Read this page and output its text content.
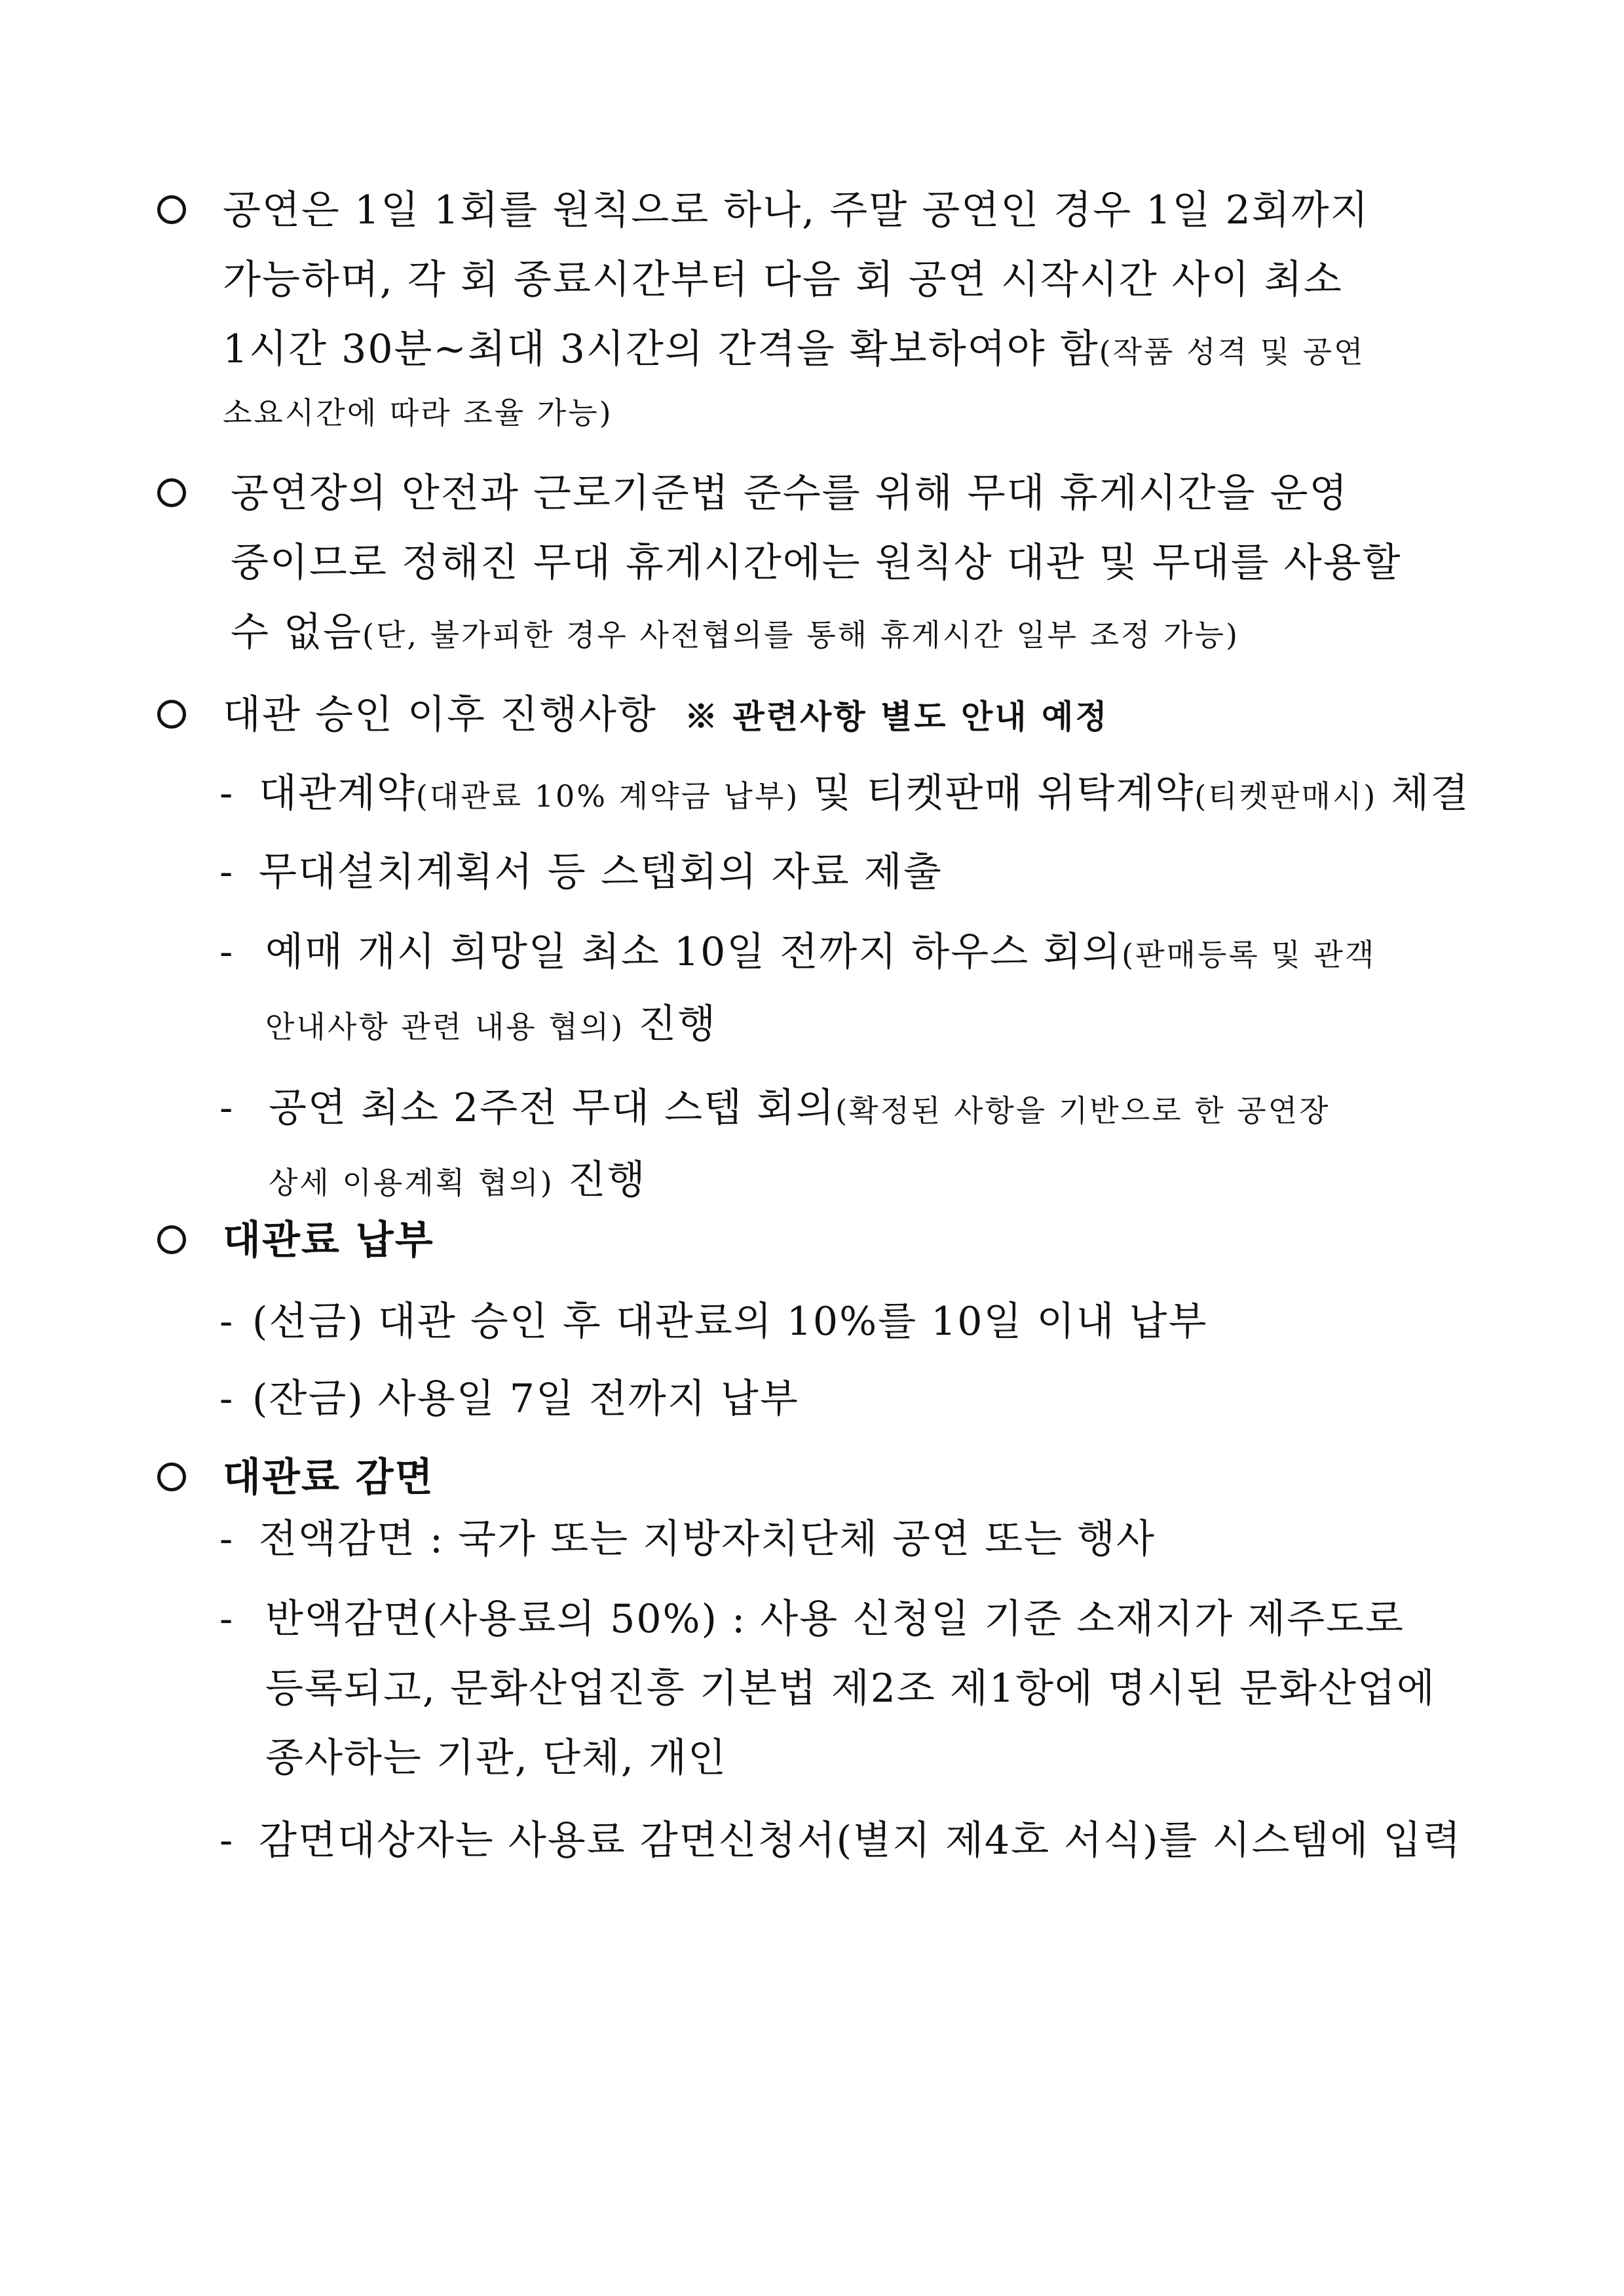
공연은 1일 1회를 원칙으로 하나, 주말 공연인 경우 1일 2회까지
가능하며, 각 회 종료시간부터 다음 회 공연 시작시간 사이 최소
1시간 30분~최대 3시간의 간격을 확보하여야 함(작품 성격 및 공연
소요시간에 따라 조율 가능)
공연장의 안전과 근로기준법 준수를 위해 무대 휴게시간을 운영
중이므로 정해진 무대 휴게시간에는 원칙상 대관 및 무대를 사용할
수 없음(단, 불가피한 경우 사전협의를 통해 휴게시간 일부 조정 가능)
대관 승인 이후 진행사항 ※ 관련사항 별도 안내 예정
- 대관계약(대관료 10% 계약금 납부) 및 티켓판매 위탁계약(티켓판매시) 체결
- 무대설치계획서 등 스텝회의 자료 제출
- 예매 개시 희망일 최소 10일 전까지 하우스 회의(판매등록 및 관객
안내사항 관련 내용 협의) 진행
- 공연 최소 2주전 무대 스텝 회의(확정된 사항을 기반으로 한 공연장
상세 이용계획 협의) 진행
대관료 납부
- (선금) 대관 승인 후 대관료의 10%를 10일 이내 납부
- (잔금) 사용일 7일 전까지 납부
대관료 감면
- 전액감면 : 국가 또는 지방자치단체 공연 또는 행사
- 반액감면(사용료의 50%) : 사용 신청일 기준 소재지가 제주도로
등록되고, 문화산업진흥 기본법 제2조 제1항에 명시된 문화산업에
종사하는 기관, 단체, 개인
- 감면대상자는 사용료 감면신청서(별지 제4호 서식)를 시스템에 입력
